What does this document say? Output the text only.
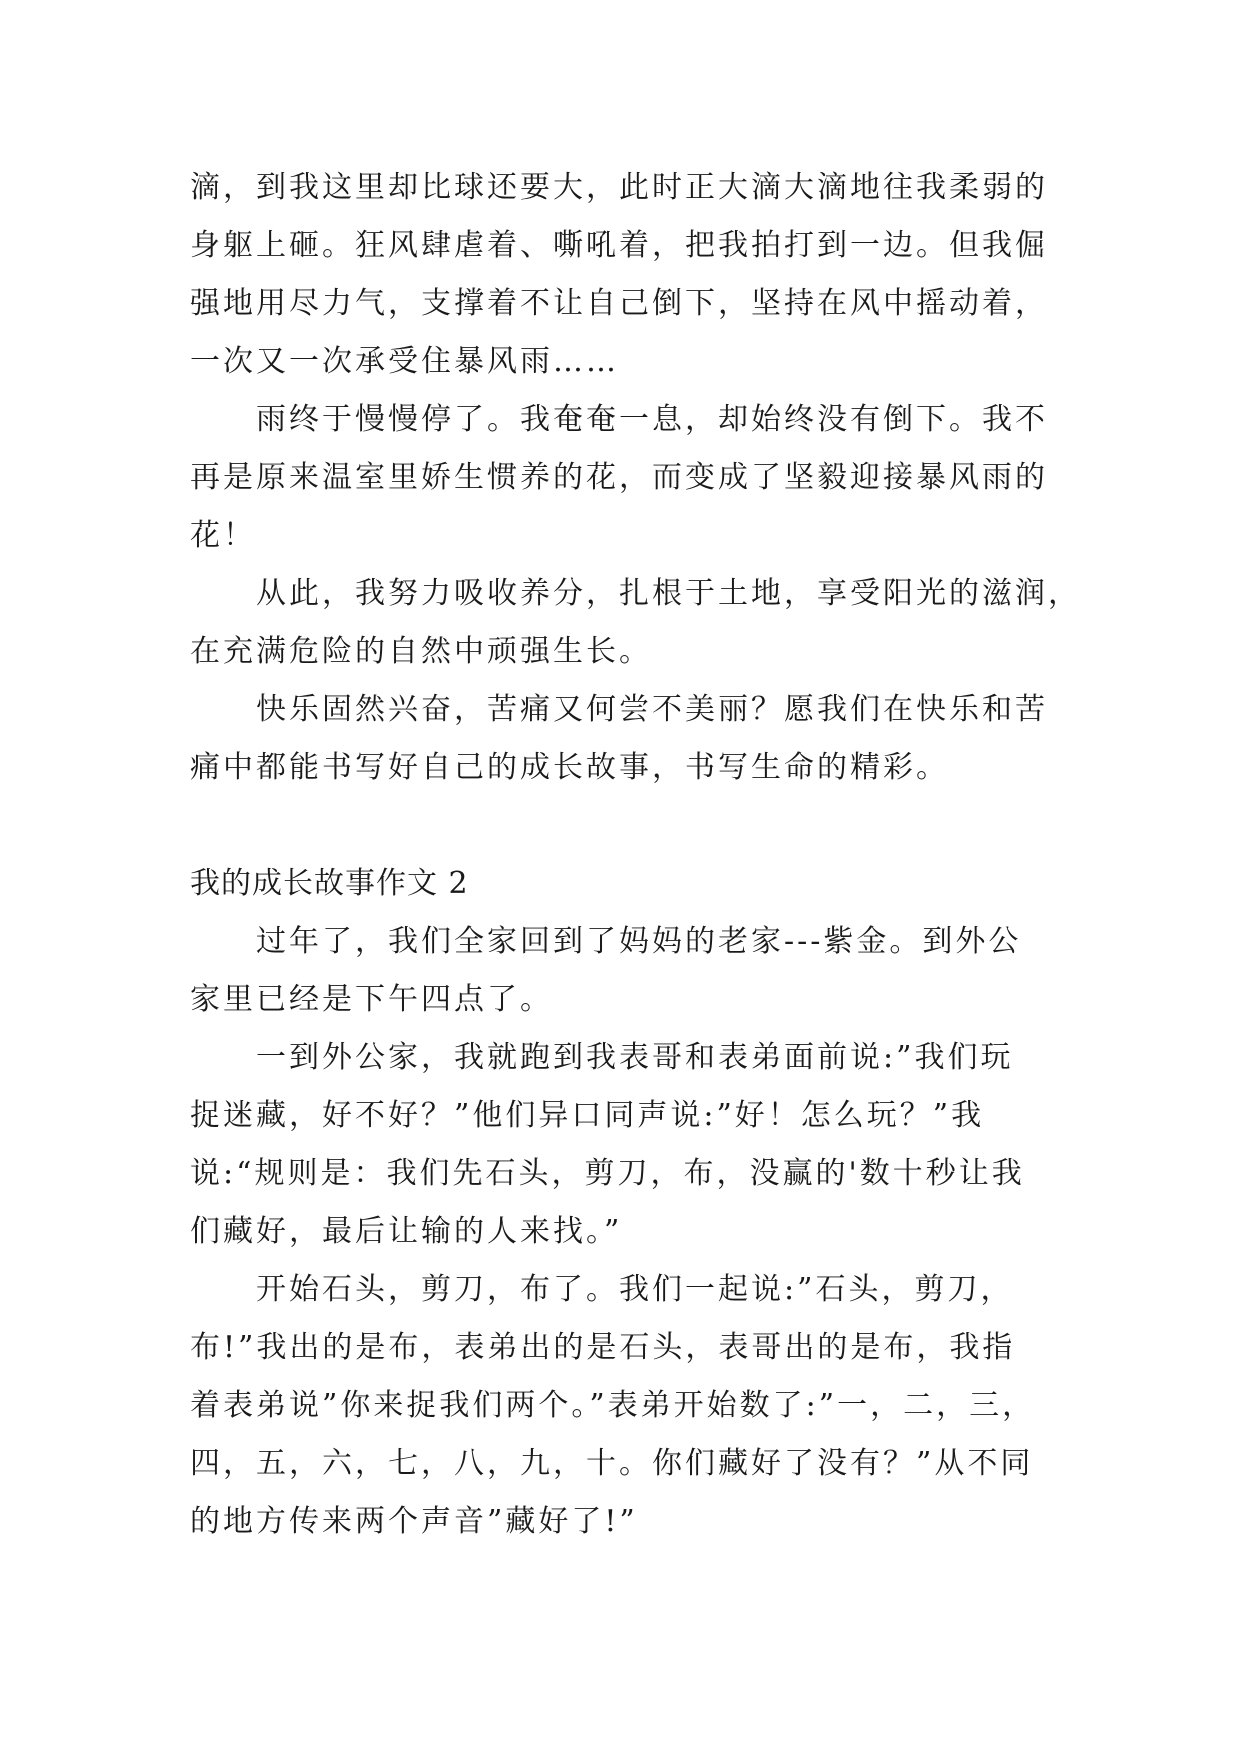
滴，到我这里却比球还要大，此时正大滴大滴地往我柔弱的
身躯上砸。狂风肆虐着、嘶吼着，把我拍打到一边。但我倔
强地用尽力气，支撑着不让自己倒下，坚持在风中摇动着，
一次又一次承受住暴风雨……
雨终于慢慢停了。我奄奄一息，却始终没有倒下。我不
再是原来温室里娇生惯养的花，而变成了坚毅迎接暴风雨的
花！
从此，我努力吸收养分，扎根于土地，享受阳光的滋润，
在充满危险的自然中顽强生长。
快乐固然兴奋，苦痛又何尝不美丽？愿我们在快乐和苦
痛中都能书写好自己的成长故事，书写生命的精彩。
我的成长故事作文 2
过年了，我们全家回到了妈妈的老家---紫金。到外公
家里已经是下午四点了。
一到外公家，我就跑到我表哥和表弟面前说:”我们玩
捉迷藏，好不好？”他们异口同声说:”好！怎么玩？”我
说:“规则是：我们先石头，剪刀，布，没赢的'数十秒让我
们藏好，最后让输的人来找。”
开始石头，剪刀，布了。我们一起说:”石头，剪刀，
布!”我出的是布，表弟出的是石头，表哥出的是布，我指
着表弟说”你来捉我们两个。”表弟开始数了:”一，二，三，
四，五，六，七，八，九，十。你们藏好了没有？”从不同
的地方传来两个声音”藏好了!”
